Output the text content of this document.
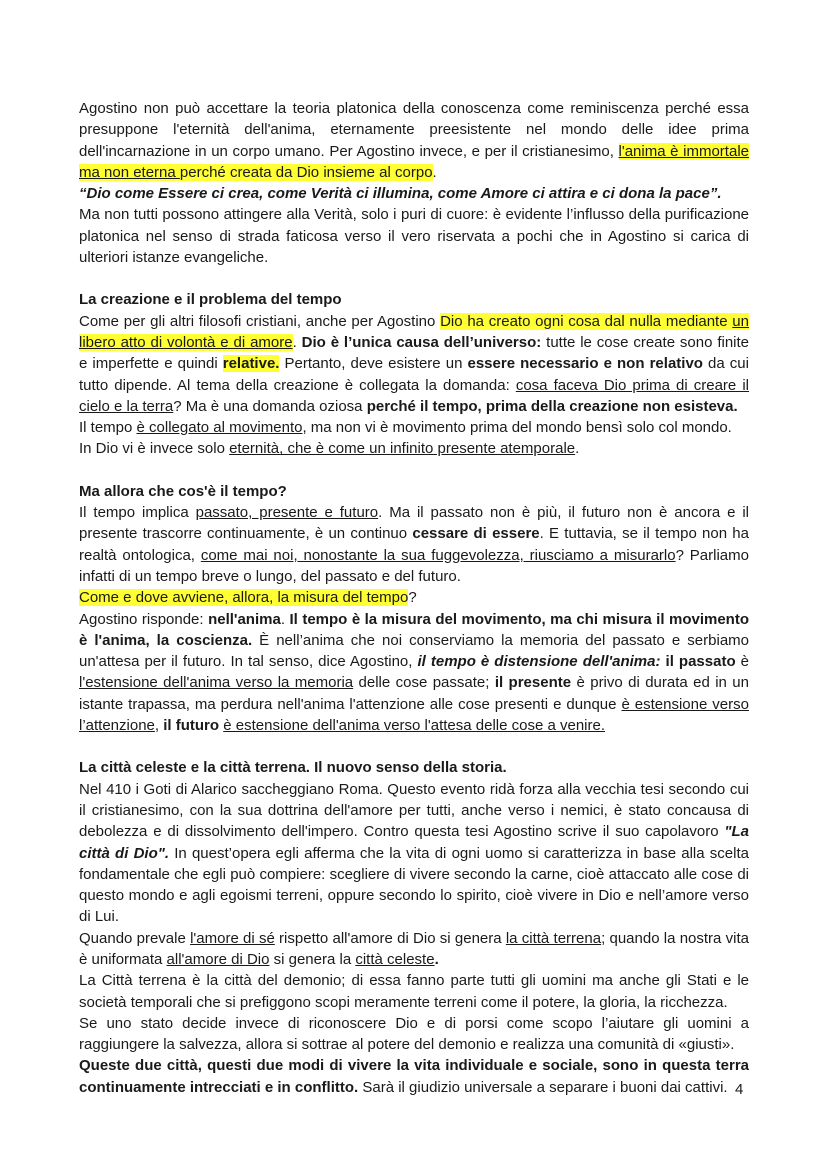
Agostino non può accettare la teoria platonica della conoscenza come reminiscenza perché essa presuppone l'eternità dell'anima, eternamente preesistente nel mondo delle idee prima dell'incarnazione in un corpo umano. Per Agostino invece, e per il cristianesimo, l'anima è immortale ma non eterna perché creata da Dio insieme al corpo.

“Dio come Essere ci crea, come Verità ci illumina, come Amore ci attira e ci dona la pace”.

Ma non tutti possono attingere alla Verità, solo i puri di cuore: è evidente l’influsso della purificazione platonica nel senso di strada faticosa verso il vero riservata a pochi che in Agostino si carica di ulteriori istanze evangeliche.

La creazione e il problema del tempo

Come per gli altri filosofi cristiani, anche per Agostino Dio ha creato ogni cosa dal nulla mediante un libero atto di volontà e di amore. Dio è l’unica causa dell’universo: tutte le cose create sono finite e imperfette e quindi relative. Pertanto, deve esistere un essere necessario e non relativo da cui tutto dipende. Al tema della creazione è collegata la domanda: cosa faceva Dio prima di creare il cielo e la terra? Ma è una domanda oziosa perché il tempo, prima della creazione non esisteva.

Il tempo è collegato al movimento, ma non vi è movimento prima del mondo bensì solo col mondo.

In Dio vi è invece solo eternità, che è come un infinito presente atemporale.

Ma allora che cos'è il tempo?

Il tempo implica passato, presente e futuro. Ma il passato non è più, il futuro non è ancora e il presente trascorre continuamente, è un continuo cessare di essere. E tuttavia, se il tempo non ha realtà ontologica, come mai noi, nonostante la sua fuggevolezza, riusciamo a misurarlo? Parliamo infatti di un tempo breve o lungo, del passato e del futuro.

Come e dove avviene, allora, la misura del tempo?

Agostino risponde: nell'anima. Il tempo è la misura del movimento, ma chi misura il movimento è l'anima, la coscienza. È nell’anima che noi conserviamo la memoria del passato e serbiamo un'attesa per il futuro. In tal senso, dice Agostino, il tempo è distensione dell'anima: il passato è l'estensione dell'anima verso la memoria delle cose passate; il presente è privo di durata ed in un istante trapassa, ma perdura nell'anima l'attenzione alle cose presenti e dunque è estensione verso l’attenzione, il futuro è estensione dell'anima verso l'attesa delle cose a venire.

La città celeste e la città terrena. Il nuovo senso della storia.

Nel 410 i Goti di Alarico saccheggiano Roma. Questo evento ridà forza alla vecchia tesi secondo cui il cristianesimo, con la sua dottrina dell'amore per tutti, anche verso i nemici, è stato concausa di debolezza e di dissolvimento dell'impero. Contro questa tesi Agostino scrive il suo capolavoro "La città di Dio". In quest’opera egli afferma che la vita di ogni uomo si caratterizza in base alla scelta fondamentale che egli può compiere: scegliere di vivere secondo la carne, cioè attaccato alle cose di questo mondo e agli egoismi terreni, oppure secondo lo spirito, cioè vivere in Dio e nell’amore verso di Lui.

Quando prevale l'amore di sé rispetto all'amore di Dio si genera la città terrena; quando la nostra vita è uniformata all'amore di Dio si genera la città celeste.

La Città terrena è la città del demonio; di essa fanno parte tutti gli uomini ma anche gli Stati e le società temporali che si prefiggono scopi meramente terreni come il potere, la gloria, la ricchezza.

Se uno stato decide invece di riconoscere Dio e di porsi come scopo l’aiutare gli uomini a raggiungere la salvezza, allora si sottrae al potere del demonio e realizza una comunità di «giusti».

Queste due città, questi due modi di vivere la vita individuale e sociale, sono in questa terra continuamente intrecciati e in conflitto. Sarà il giudizio universale a separare i buoni dai cattivi. 4
